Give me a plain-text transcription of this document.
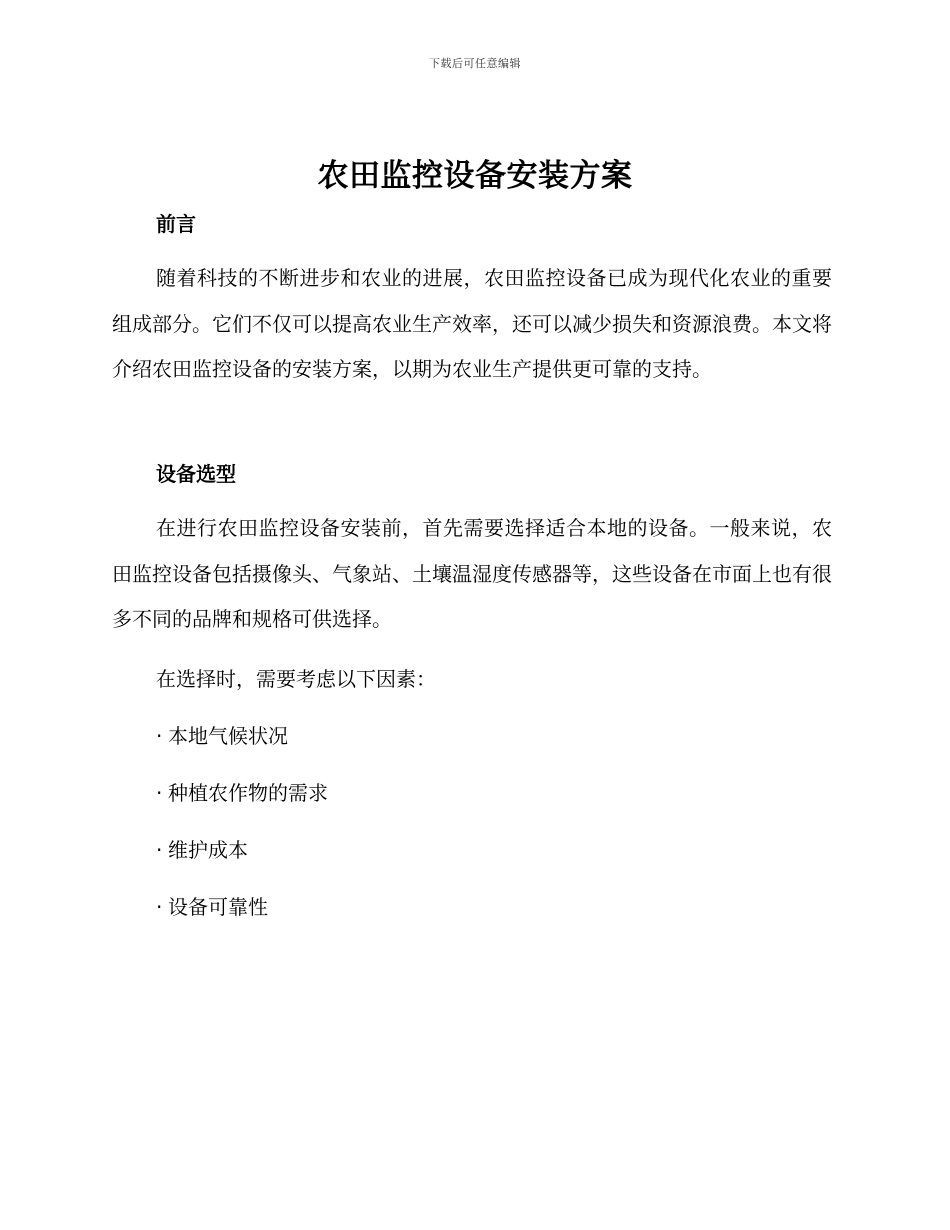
下载后可任意编辑
农田监控设备安装方案
前言

随着科技的不断进步和农业的进展，农田监控设备已成为现代化农业的重要组成部分。它们不仅可以提高农业生产效率，还可以减少损失和资源浪费。本文将介绍农田监控设备的安装方案，以期为农业生产提供更可靠的支持。

设备选型

在进行农田监控设备安装前，首先需要选择适合本地的设备。一般来说，农田监控设备包括摄像头、气象站、土壤温湿度传感器等，这些设备在市面上也有很多不同的品牌和规格可供选择。

在选择时，需要考虑以下因素：

· 本地气候状况

· 种植农作物的需求

· 维护成本

· 设备可靠性
